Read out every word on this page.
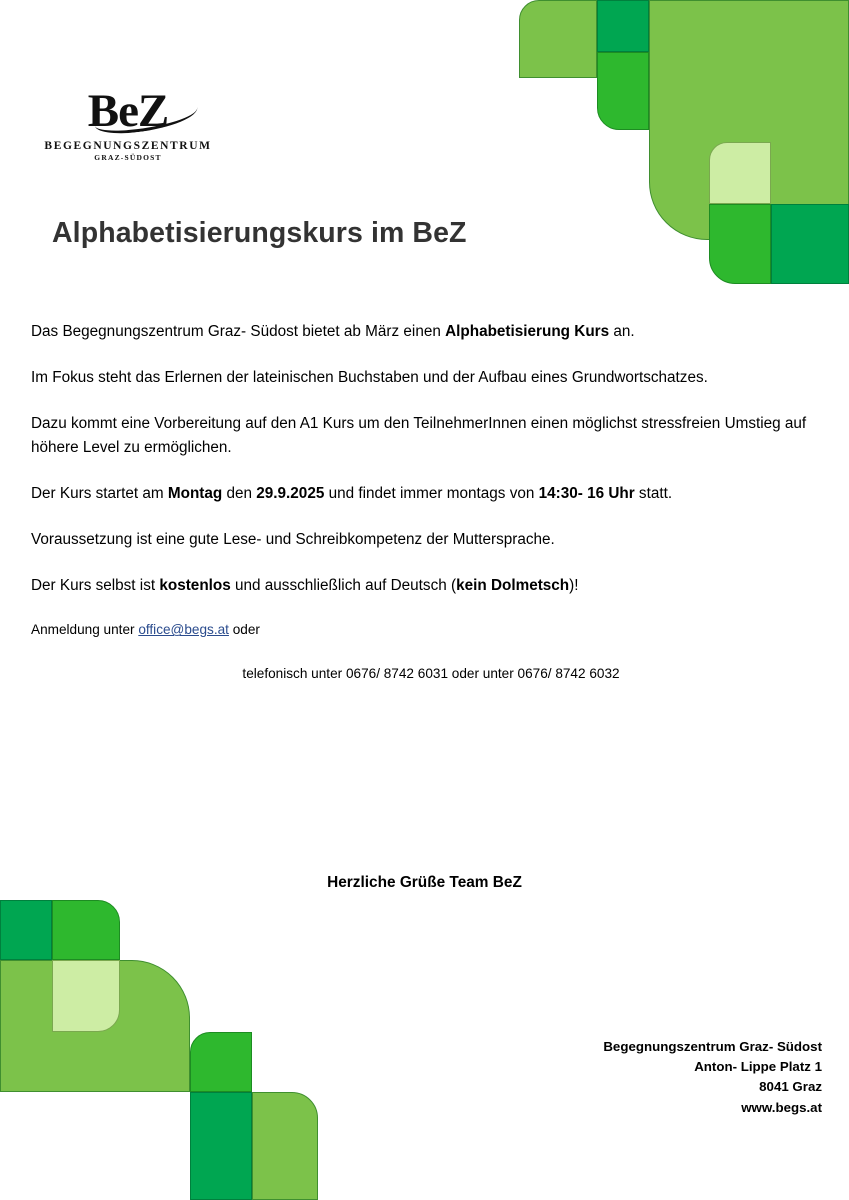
BeZ
BEGEGNUNGSZENTRUM
GRAZ-SÜDOST
Alphabetisierungskurs im BeZ

Das Begegnungszentrum Graz- Südost bietet ab März einen Alphabetisierung Kurs an.

Im Fokus steht das Erlernen der lateinischen Buchstaben und der Aufbau eines Grundwortschatzes.

Dazu kommt eine Vorbereitung auf den A1 Kurs um den TeilnehmerInnen einen möglichst stressfreien Umstieg auf höhere Level zu ermöglichen.

Der Kurs startet am Montag den 29.9.2025 und findet immer montags von 14:30- 16 Uhr statt.

Voraussetzung ist eine gute Lese- und Schreibkompetenz der Muttersprache.

Der Kurs selbst ist kostenlos und ausschließlich auf Deutsch (kein Dolmetsch)!

Anmeldung unter office@begs.at oder

telefonisch unter 0676/ 8742 6031 oder unter 0676/ 8742 6032

Herzliche Grüße Team BeZ
Begegnungszentrum Graz- Südost
Anton- Lippe Platz 1
8041 Graz
www.begs.at
